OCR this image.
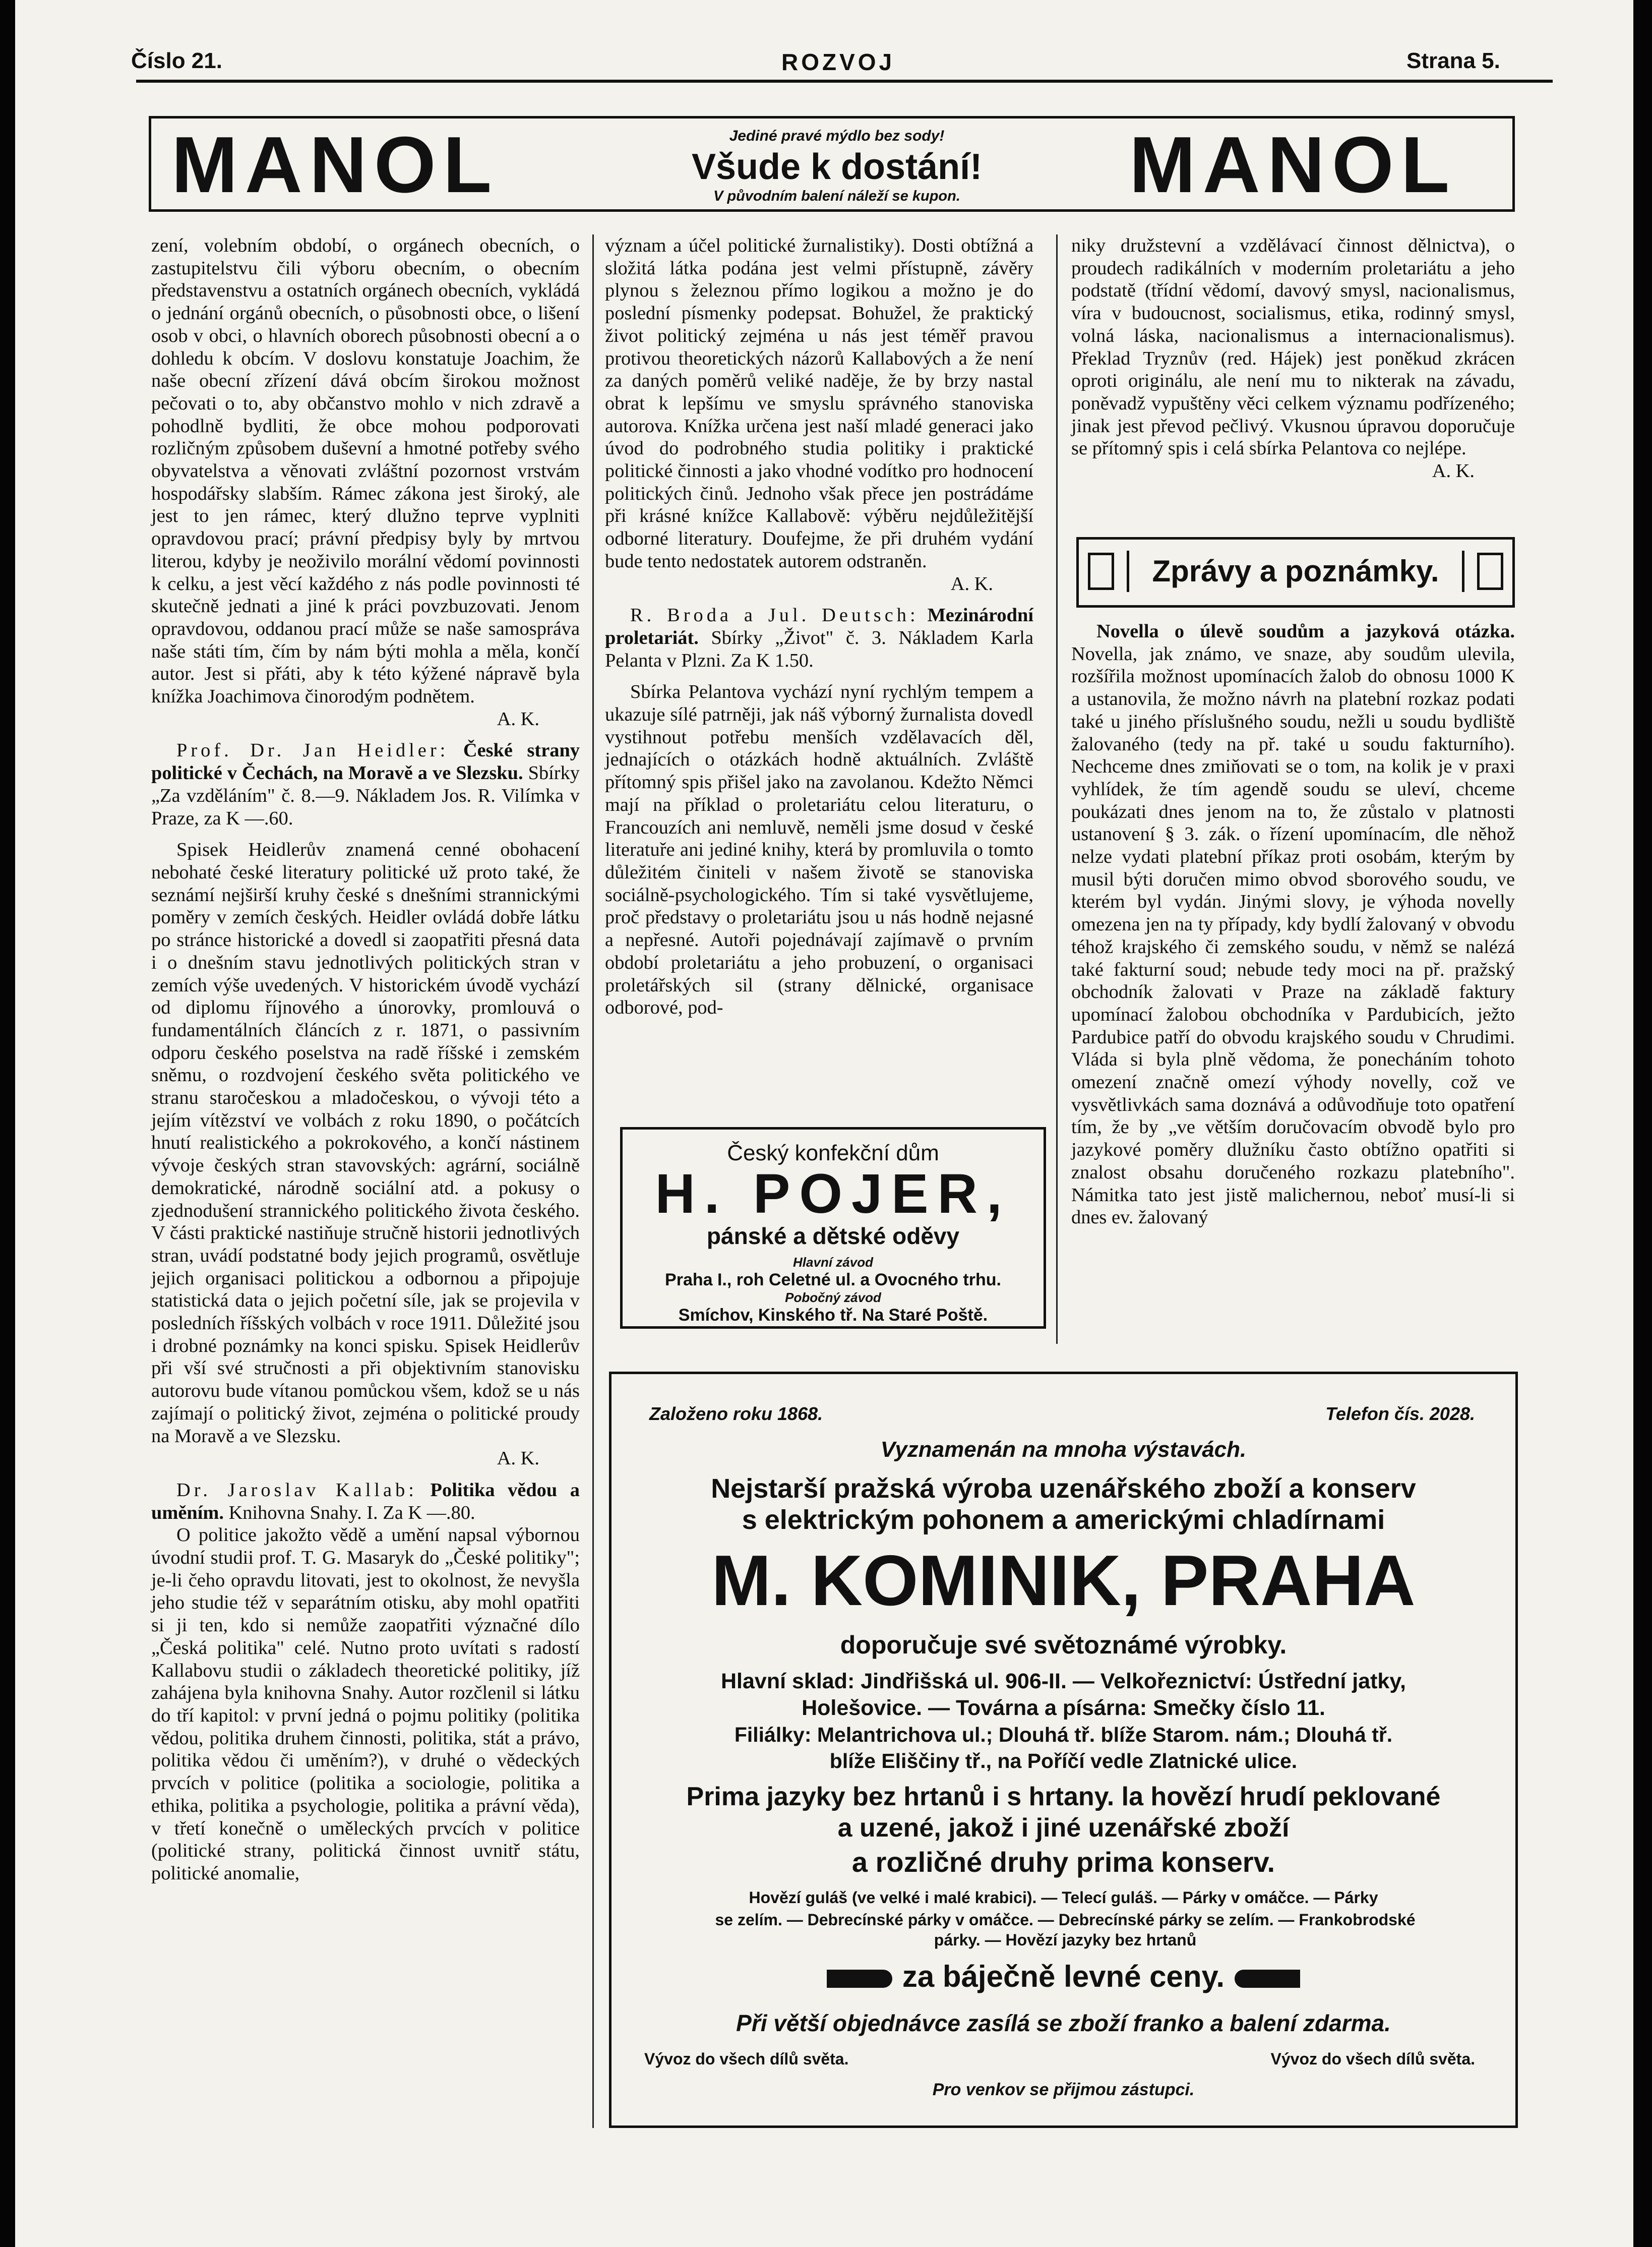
Číslo 21.	ROZVOJ	Strana 5.
MANOL	Jediné pravé mýdlo bez sody!
Všude k dostání!
V původním balení náleží se kupon.	MANOL

zení, volebním období, o orgánech obecních, o zastupitelstvu čili výboru obecním, o obecním představenstvu a ostatních orgánech obecních, vykládá o jednání orgánů obecních, o působnosti obce, o lišení osob v obci, o hlavních oborech působnosti obecní a o dohledu k obcím. V doslovu konstatuje Joachim, že naše obecní zřízení dává obcím širokou možnost pečovati o to, aby občanstvo mohlo v nich zdravě a pohodlně bydliti, že obce mohou podporovati rozličným způsobem duševní a hmotné potřeby svého obyvatelstva a věnovati zvláštní pozornost vrstvám hospodářsky slabším. Rámec zákona jest široký, ale jest to jen rámec, který dlužno teprve vyplniti opravdovou prací; právní předpisy byly by mrtvou literou, kdyby je neoživilo morální vědomí povinnosti k celku, a jest věcí každého z nás podle povinnosti té skutečně jednati a jiné k práci povzbuzovati. Jenom opravdovou, oddanou prací může se naše samospráva naše státi tím, čím by nám býti mohla a měla, končí autor. Jest si přáti, aby k této kýžené nápravě byla knížka Joachimova činorodým podnětem.

A. K.

Prof. Dr. Jan Heidler: České strany politické v Čechách, na Moravě a ve Slezsku. Sbírky „Za vzděláním" č. 8.—9. Nákladem Jos. R. Vilímka v Praze, za K —.60.

Spisek Heidlerův znamená cenné obohacení nebohaté české literatury politické už proto také, že seznámí nejširší kruhy české s dnešními strannickými poměry v zemích českých. Heidler ovládá dobře látku po stránce historické a dovedl si zaopatřiti přesná data i o dnešním stavu jednotlivých politických stran v zemích výše uvedených. V historickém úvodě vychází od diplomu říjnového a únorovky, promlouvá o fundamentálních článcích z r. 1871, o passivním odporu českého poselstva na radě říšské i zemském sněmu, o rozdvojení českého světa politického ve stranu staročeskou a mladočeskou, o vývoji této a jejím vítězství ve volbách z roku 1890, o počátcích hnutí realistického a pokrokového, a končí nástinem vývoje českých stran stavovských: agrární, sociálně demokratické, národně sociální atd. a pokusy o zjednodušení strannického politického života českého. V části praktické nastiňuje stručně historii jednotlivých stran, uvádí podstatné body jejich programů, osvětluje jejich organisaci politickou a odbornou a připojuje statistická data o jejich početní síle, jak se projevila v posledních říšských volbách v roce 1911. Důležité jsou i drobné poznámky na konci spisku. Spisek Heidlerův při vší své stručnosti a při objektivním stanovisku autorovu bude vítanou pomůckou všem, kdož se u nás zajímají o politický život, zejména o politické proudy na Moravě a ve Slezsku.

A. K.

Dr. Jaroslav Kallab: Politika vědou a uměním. Knihovna Snahy. I. Za K —.80.

O politice jakožto vědě a umění napsal výbornou úvodní studii prof. T. G. Masaryk do „České politiky"; je-li čeho opravdu litovati, jest to okolnost, že nevyšla jeho studie též v separátním otisku, aby mohl opatřiti si ji ten, kdo si nemůže zaopatřiti význačné dílo „Česká politika" celé. Nutno proto uvítati s radostí Kallabovu studii o základech theoretické politiky, jíž zahájena byla knihovna Snahy. Autor rozčlenil si látku do tří kapitol: v první jedná o pojmu politiky (politika vědou, politika druhem činnosti, politika, stát a právo, politika vědou či uměním?), v druhé o vědeckých prvcích v politice (politika a sociologie, politika a ethika, politika a psychologie, politika a právní věda), v třetí konečně o uměleckých prvcích v politice (politické strany, politická činnost uvnitř státu, politické anomalie,

význam a účel politické žurnalistiky). Dosti obtížná a složitá látka podána jest velmi přístupně, závěry plynou s železnou přímo logikou a možno je do poslední písmenky podepsat. Bohužel, že praktický život politický zejména u nás jest téměř pravou protivou theoretických názorů Kallabových a že není za daných poměrů veliké naděje, že by brzy nastal obrat k lepšímu ve smyslu správného stanoviska autorova. Knížka určena jest naší mladé generaci jako úvod do podrobného studia politiky i praktické politické činnosti a jako vhodné vodítko pro hodnocení politických činů. Jednoho však přece jen postrádáme při krásné knížce Kallabově: výběru nejdůležitější odborné literatury. Doufejme, že při druhém vydání bude tento nedostatek autorem odstraněn.

A. K.

R. Broda a Jul. Deutsch: Mezinárodní proletariát. Sbírky „Život" č. 3. Nákladem Karla Pelanta v Plzni. Za K 1.50.

Sbírka Pelantova vychází nyní rychlým tempem a ukazuje sílé patrněji, jak náš výborný žurnalista dovedl vystihnout potřebu menších vzdělavacích děl, jednajících o otázkách hodně aktuálních. Zvláště přítomný spis přišel jako na zavolanou. Kdežto Němci mají na příklad o proletariátu celou literaturu, o Francouzích ani nemluvě, neměli jsme dosud v české literatuře ani jediné knihy, která by promluvila o tomto důležitém činiteli v našem životě se stanoviska sociálně-psychologického. Tím si také vysvětlujeme, proč představy o proletariátu jsou u nás hodně nejasné a nepřesné. Autoři pojednávají zajímavě o prvním období proletariátu a jeho probuzení, o organisaci proletářských sil (strany dělnické, organisace odborové, pod-

niky družstevní a vzdělávací činnost dělnictva), o proudech radikálních v moderním proletariátu a jeho podstatě (třídní vědomí, davový smysl, nacionalismus, víra v budoucnost, socialismus, etika, rodinný smysl, volná láska, nacionalismus a internacionalismus). Překlad Tryznův (red. Hájek) jest poněkud zkrácen oproti originálu, ale není mu to nikterak na závadu, poněvadž vypuštěny věci celkem významu podřízeného; jinak jest převod pečlivý. Vkusnou úpravou doporučuje se přítomný spis i celá sbírka Pelantova co nejlépe.

A. K.

Zprávy a poznámky.

Novella o úlevě soudům a jazyková otázka. Novella, jak známo, ve snaze, aby soudům ulevila, rozšířila možnost upomínacích žalob do obnosu 1000 K a ustanovila, že možno návrh na platební rozkaz podati také u jiného příslušného soudu, nežli u soudu bydliště žalovaného (tedy na př. také u soudu fakturního). Nechceme dnes zmiňovati se o tom, na kolik je v praxi vyhlídek, že tím agendě soudu se uleví, chceme poukázati dnes jenom na to, že zůstalo v platnosti ustanovení § 3. zák. o řízení upomínacím, dle něhož nelze vydati platební příkaz proti osobám, kterým by musil býti doručen mimo obvod sborového soudu, ve kterém byl vydán. Jinými slovy, je výhoda novelly omezena jen na ty případy, kdy bydlí žalovaný v obvodu téhož krajského či zemského soudu, v němž se nalézá také fakturní soud; nebude tedy moci na př. pražský obchodník žalovati v Praze na základě faktury upomínací žalobou obchodníka v Pardubicích, ježto Pardubice patří do obvodu krajského soudu v Chrudimi. Vláda si byla plně vědoma, že ponecháním tohoto omezení značně omezí výhody novelly, což ve vysvětlivkách sama doznává a odůvodňuje toto opatření tím, že by „ve větším doručovacím obvodě bylo pro jazykové poměry dlužníku často obtížno opatřiti si znalost obsahu doručeného rozkazu platebního". Námitka tato jest jistě malichernou, neboť musí-li si dnes ev. žalovaný

Český konfekční dům
H. POJER,
pánské a dětské oděvy
Hlavní závod
Praha I., roh Celetné ul. a Ovocného trhu.
Pobočný závod
Smíchov, Kinského tř. Na Staré Poště.
Založeno roku 1868.	Telefon čís. 2028.
Vyznamenán na mnoha výstavách.
Nejstarší pražská výroba uzenářského zboží a konserv
s elektrickým pohonem a americkými chladírnami
M. KOMINIK, PRAHA
doporučuje své světoznámé výrobky.
Hlavní sklad: Jindřišská ul. 906-II. — Velkořeznictví: Ústřední jatky,
Holešovice. — Továrna a písárna: Smečky číslo 11.
Filiálky: Melantrichova ul.; Dlouhá tř. blíže Starom. nám.; Dlouhá tř.
blíže Eliščiny tř., na Poříčí vedle Zlatnické ulice.
Prima jazyky bez hrtanů i s hrtany. la hovězí hrudí peklované
a uzené, jakož i jiné uzenářské zboží
a rozličné druhy prima konserv.
Hovězí guláš (ve velké i malé krabici). — Telecí guláš. — Párky v omáčce. — Párky
se zelím. — Debrecínské párky v omáčce. — Debrecínské párky se zelím. — Frankobrodské párky. — Hovězí jazyky bez hrtanů
za báječně levné ceny.
Při větší objednávce zasílá se zboží franko a balení zdarma.
Vývoz do všech dílů světa.	Vývoz do všech dílů světa.
Pro venkov se přijmou zástupci.
